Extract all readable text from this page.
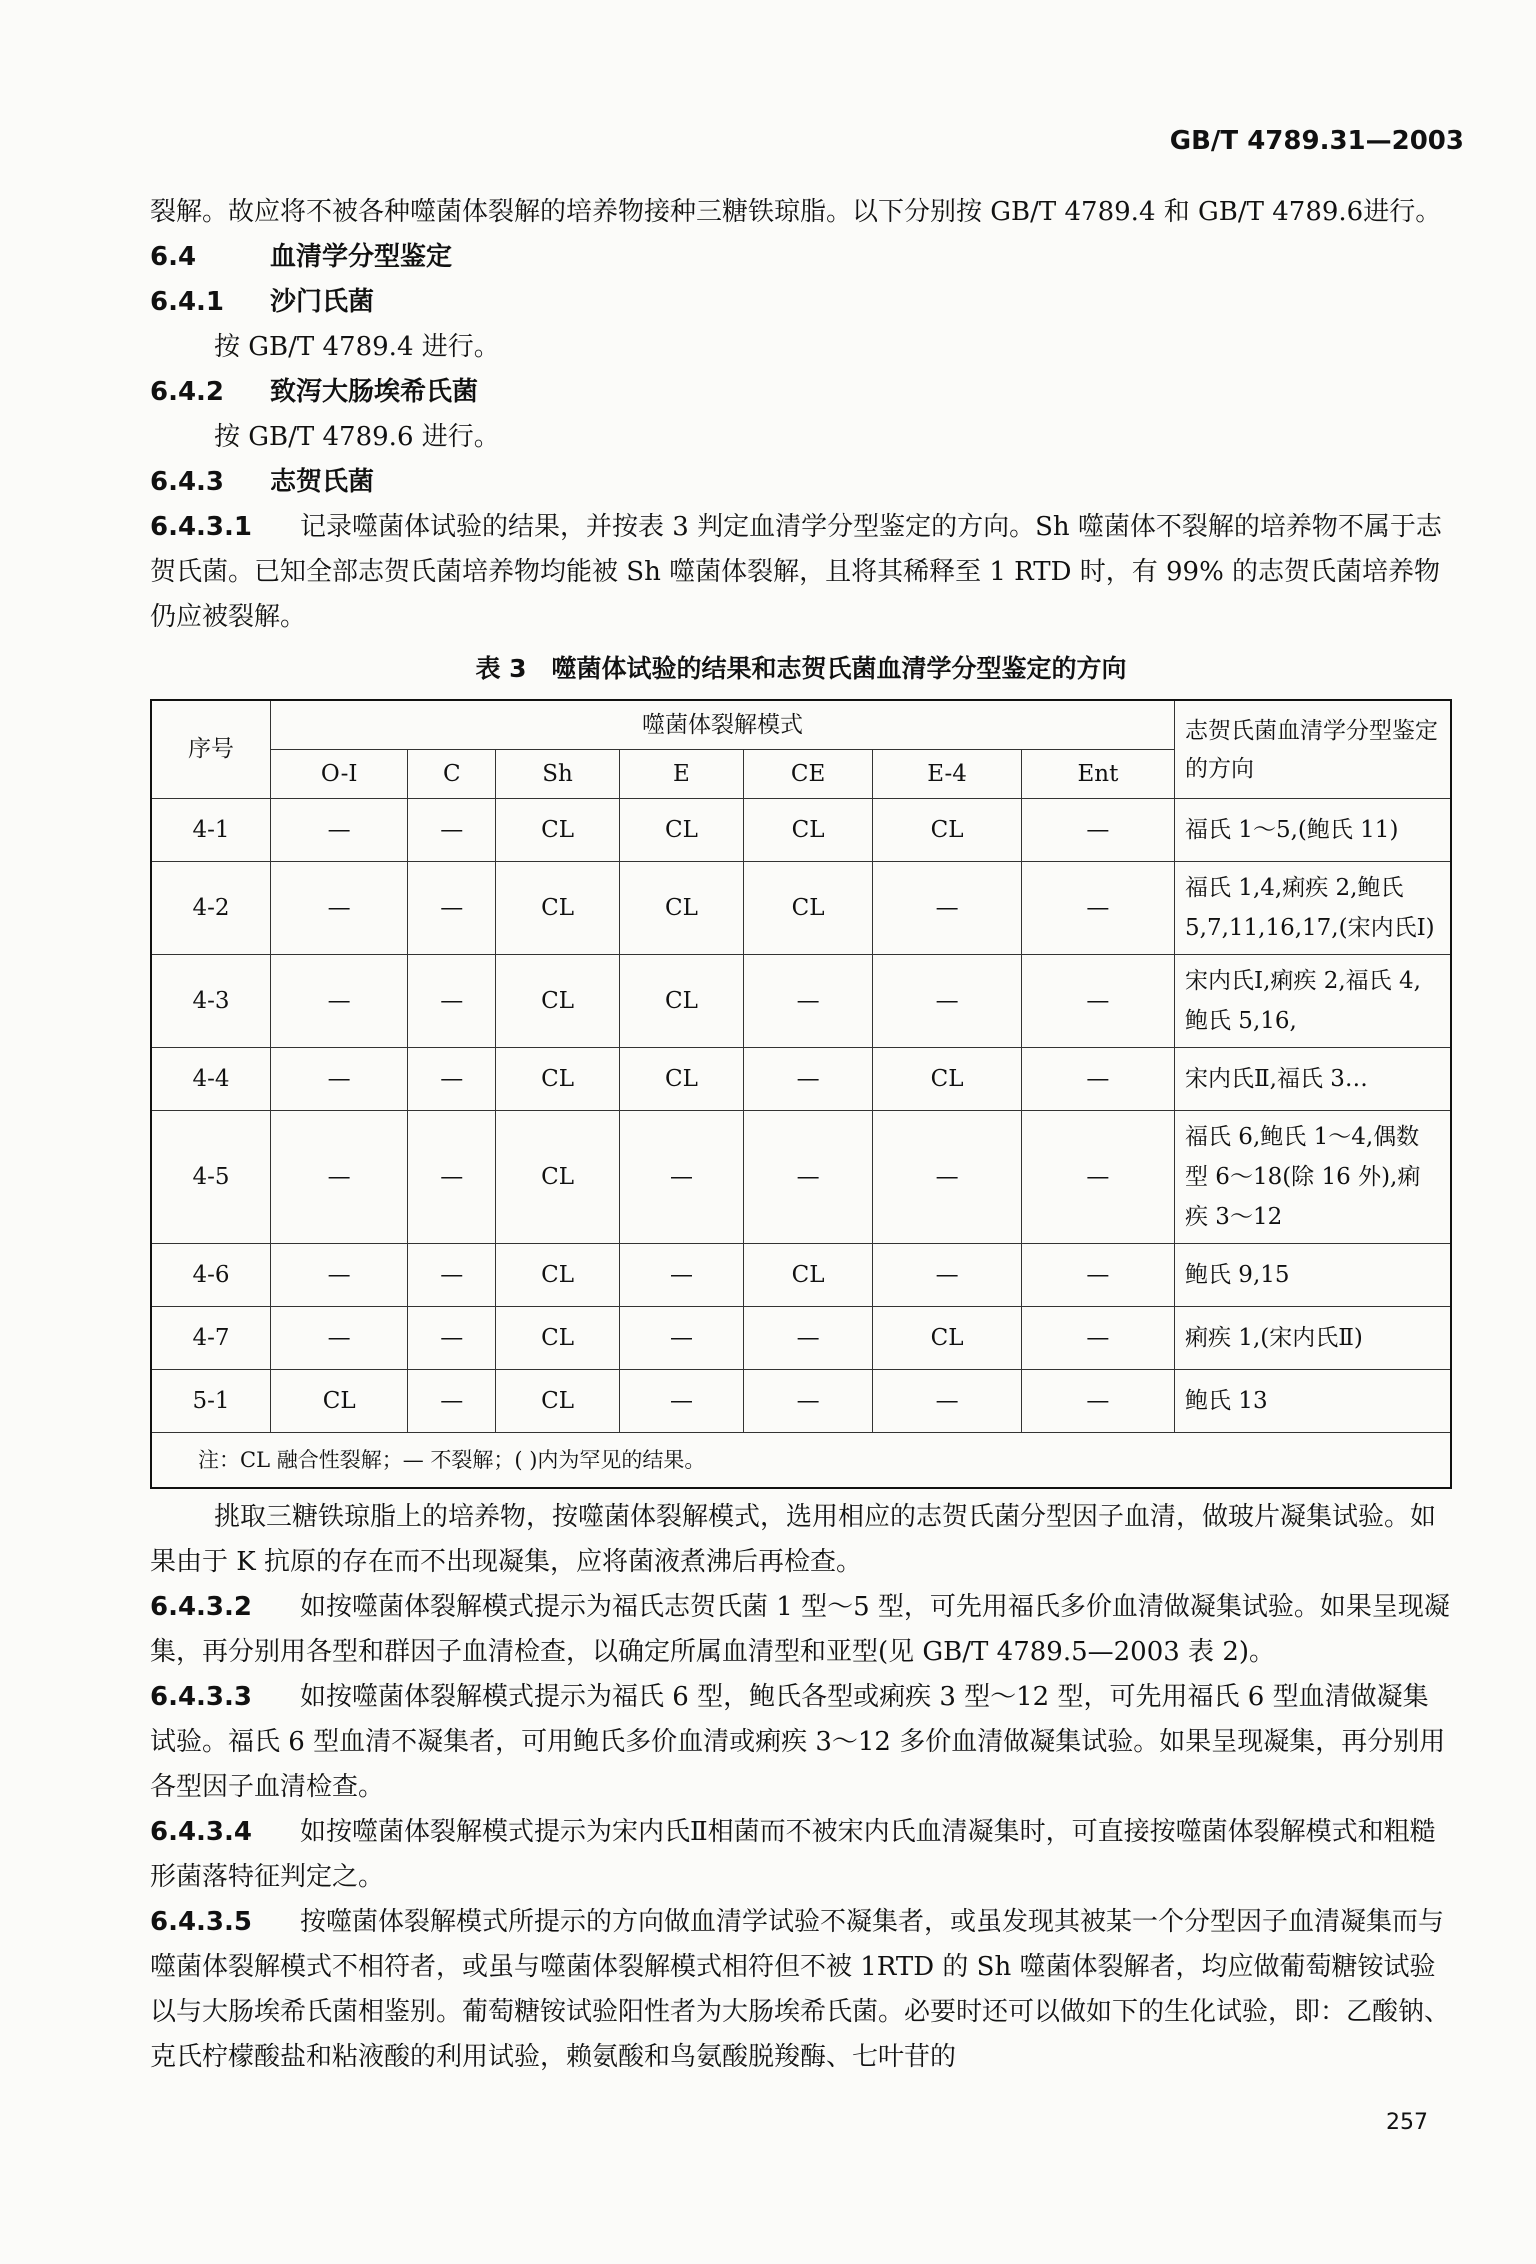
GB/T 4789.31—2003

裂解。故应将不被各种噬菌体裂解的培养物接种三糖铁琼脂。以下分别按 GB/T 4789.4 和 GB/T 4789.6进行。

6.4	血清学分型鉴定

6.4.1 沙门氏菌

按 GB/T 4789.4 进行。

6.4.2 致泻大肠埃希氏菌

按 GB/T 4789.6 进行。

6.4.3 志贺氏菌

6.4.3.1 记录噬菌体试验的结果，并按表 3 判定血清学分型鉴定的方向。Sh 噬菌体不裂解的培养物不属于志贺氏菌。已知全部志贺氏菌培养物均能被 Sh 噬菌体裂解，且将其稀释至 1 RTD 时，有 99% 的志贺氏菌培养物仍应被裂解。

表 3　噬菌体试验的结果和志贺氏菌血清学分型鉴定的方向
序号	噬菌体裂解模式							志贺氏菌血清学分型鉴定的方向
	O-Ⅰ	C	Sh	E	CE	E-4	Ent	
4-1	—	—	CL	CL	CL	CL	—	福氏 1～5,(鲍氏 11)
4-2	—	—	CL	CL	CL	—	—	福氏 1,4,痢疾 2,鲍氏 5,7,11,16,17,(宋内氏Ⅰ)
4-3	—	—	CL	CL	—	—	—	宋内氏Ⅰ,痢疾 2,福氏 4,鲍氏 5,16,
4-4	—	—	CL	CL	—	CL	—	宋内氏Ⅱ,福氏 3…
4-5	—	—	CL	—	—	—	—	福氏 6,鲍氏 1～4,偶数型 6～18(除 16 外),痢疾 3～12
4-6	—	—	CL	—	CL	—	—	鲍氏 9,15
4-7	—	—	CL	—	—	CL	—	痢疾 1,(宋内氏Ⅱ)
5-1	CL	—	CL	—	—	—	—	鲍氏 13
注：CL 融合性裂解；— 不裂解；( )内为罕见的结果。								

挑取三糖铁琼脂上的培养物，按噬菌体裂解模式，选用相应的志贺氏菌分型因子血清，做玻片凝集试验。如果由于 K 抗原的存在而不出现凝集，应将菌液煮沸后再检查。

6.4.3.2 如按噬菌体裂解模式提示为福氏志贺氏菌 1 型～5 型，可先用福氏多价血清做凝集试验。如果呈现凝集，再分别用各型和群因子血清检查，以确定所属血清型和亚型(见 GB/T 4789.5—2003 表 2)。

6.4.3.3 如按噬菌体裂解模式提示为福氏 6 型，鲍氏各型或痢疾 3 型～12 型，可先用福氏 6 型血清做凝集试验。福氏 6 型血清不凝集者，可用鲍氏多价血清或痢疾 3～12 多价血清做凝集试验。如果呈现凝集，再分别用各型因子血清检查。

6.4.3.4 如按噬菌体裂解模式提示为宋内氏Ⅱ相菌而不被宋内氏血清凝集时，可直接按噬菌体裂解模式和粗糙形菌落特征判定之。

6.4.3.5 按噬菌体裂解模式所提示的方向做血清学试验不凝集者，或虽发现其被某一个分型因子血清凝集而与噬菌体裂解模式不相符者，或虽与噬菌体裂解模式相符但不被 1RTD 的 Sh 噬菌体裂解者，均应做葡萄糖铵试验以与大肠埃希氏菌相鉴别。葡萄糖铵试验阳性者为大肠埃希氏菌。必要时还可以做如下的生化试验，即：乙酸钠、克氏柠檬酸盐和粘液酸的利用试验，赖氨酸和鸟氨酸脱羧酶、七叶苷的

257
